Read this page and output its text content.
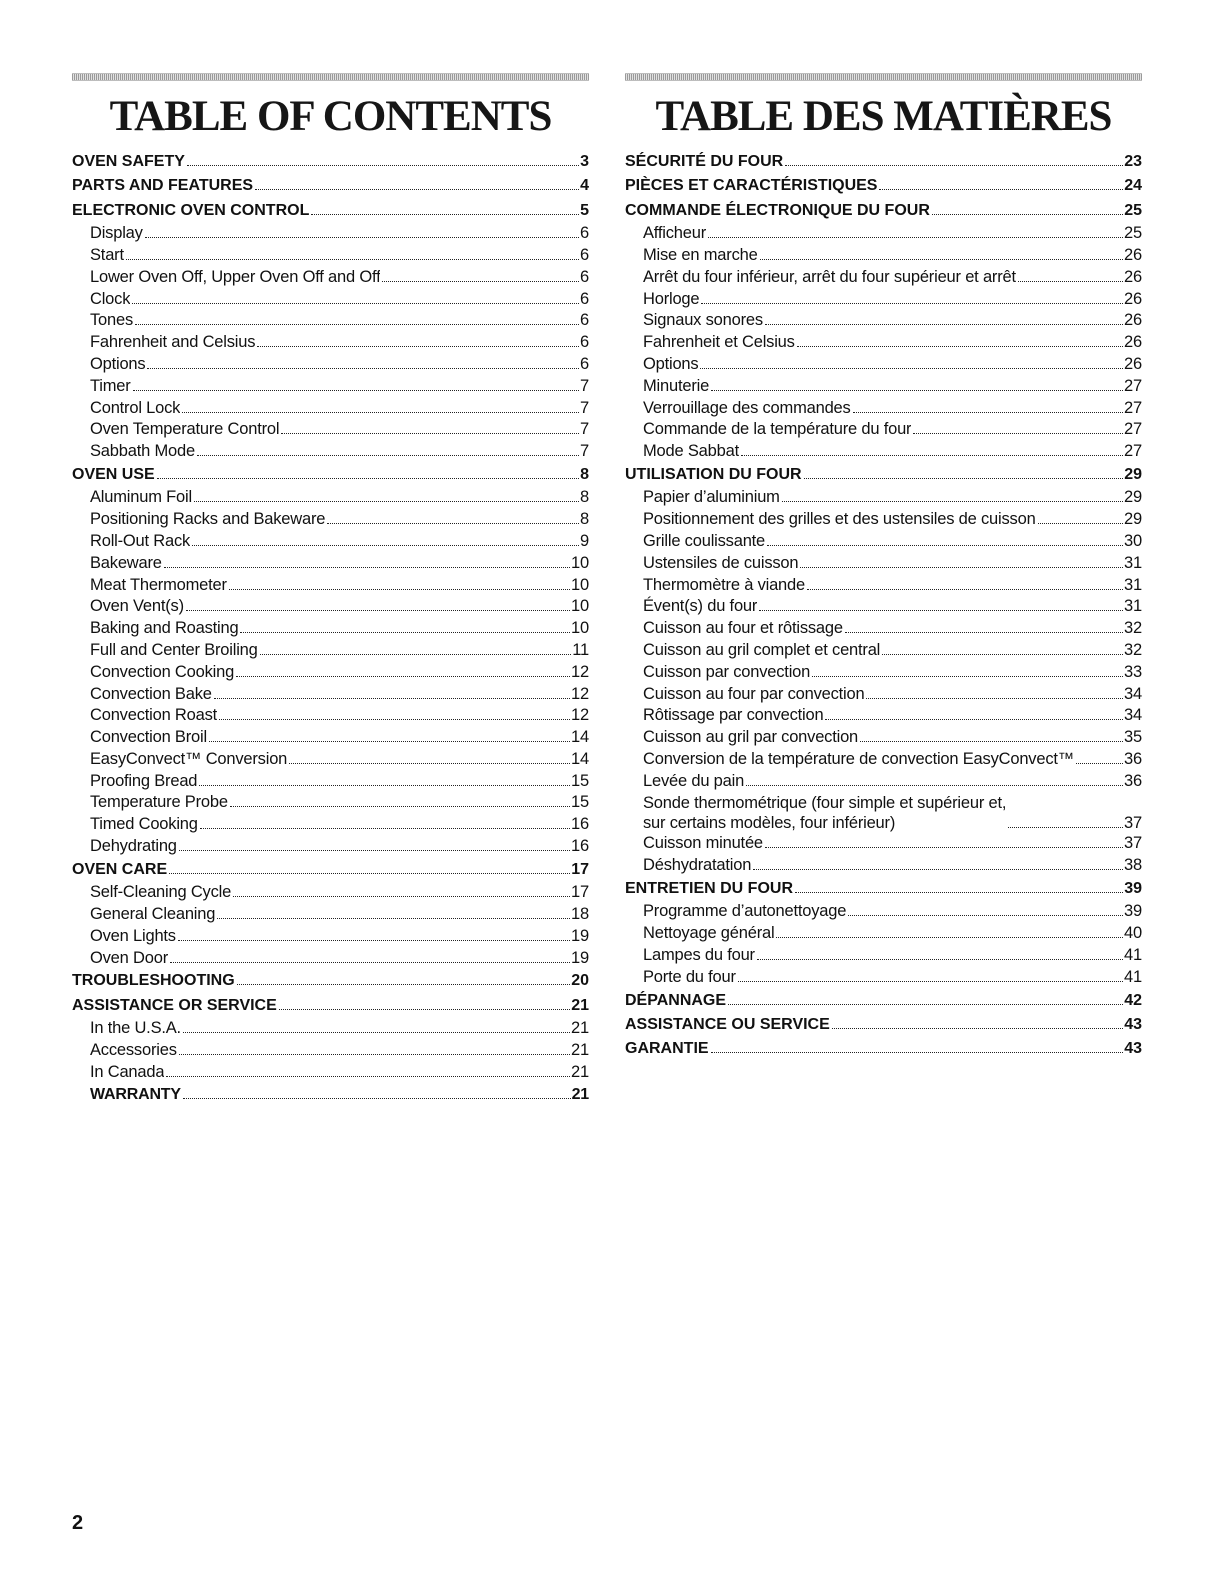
TABLE OF CONTENTS
OVEN SAFETY	3
PARTS AND FEATURES	4
ELECTRONIC OVEN CONTROL	5
Display	6
Start	6
Lower Oven Off, Upper Oven Off and Off	6
Clock	6
Tones	6
Fahrenheit and Celsius	6
Options	6
Timer	7
Control Lock	7
Oven Temperature Control	7
Sabbath Mode	7
OVEN USE	8
Aluminum Foil	8
Positioning Racks and Bakeware	8
Roll-Out Rack	9
Bakeware	10
Meat Thermometer	10
Oven Vent(s)	10
Baking and Roasting	10
Full and Center Broiling	11
Convection Cooking	12
Convection Bake	12
Convection Roast	12
Convection Broil	14
EasyConvect™ Conversion	14
Proofing Bread	15
Temperature Probe	15
Timed Cooking	16
Dehydrating	16
OVEN CARE	17
Self-Cleaning Cycle	17
General Cleaning	18
Oven Lights	19
Oven Door	19
TROUBLESHOOTING	20
ASSISTANCE OR SERVICE	21
In the U.S.A.	21
Accessories	21
In Canada	21
WARRANTY	21
TABLE DES MATIÈRES
SÉCURITÉ DU FOUR	23
PIÈCES ET CARACTÉRISTIQUES	24
COMMANDE ÉLECTRONIQUE DU FOUR	25
Afficheur	25
Mise en marche	26
Arrêt du four inférieur, arrêt du four supérieur et arrêt	26
Horloge	26
Signaux sonores	26
Fahrenheit et Celsius	26
Options	26
Minuterie	27
Verrouillage des commandes	27
Commande de la température du four	27
Mode Sabbat	27
UTILISATION DU FOUR	29
Papier d’aluminium	29
Positionnement des grilles et des ustensiles de cuisson	29
Grille coulissante	30
Ustensiles de cuisson	31
Thermomètre à viande	31
Évent(s) du four	31
Cuisson au four et rôtissage	32
Cuisson au gril complet et central	32
Cuisson par convection	33
Cuisson au four par convection	34
Rôtissage par convection	34
Cuisson au gril par convection	35
Conversion de la température de convection EasyConvect™	36
Levée du pain	36
Sonde thermométrique (four simple et supérieur et,
sur certains modèles, four inférieur)	37
Cuisson minutée	37
Déshydratation	38
ENTRETIEN DU FOUR	39
Programme d’autonettoyage	39
Nettoyage général	40
Lampes du four	41
Porte du four	41
DÉPANNAGE	42
ASSISTANCE OU SERVICE	43
GARANTIE	43
2
